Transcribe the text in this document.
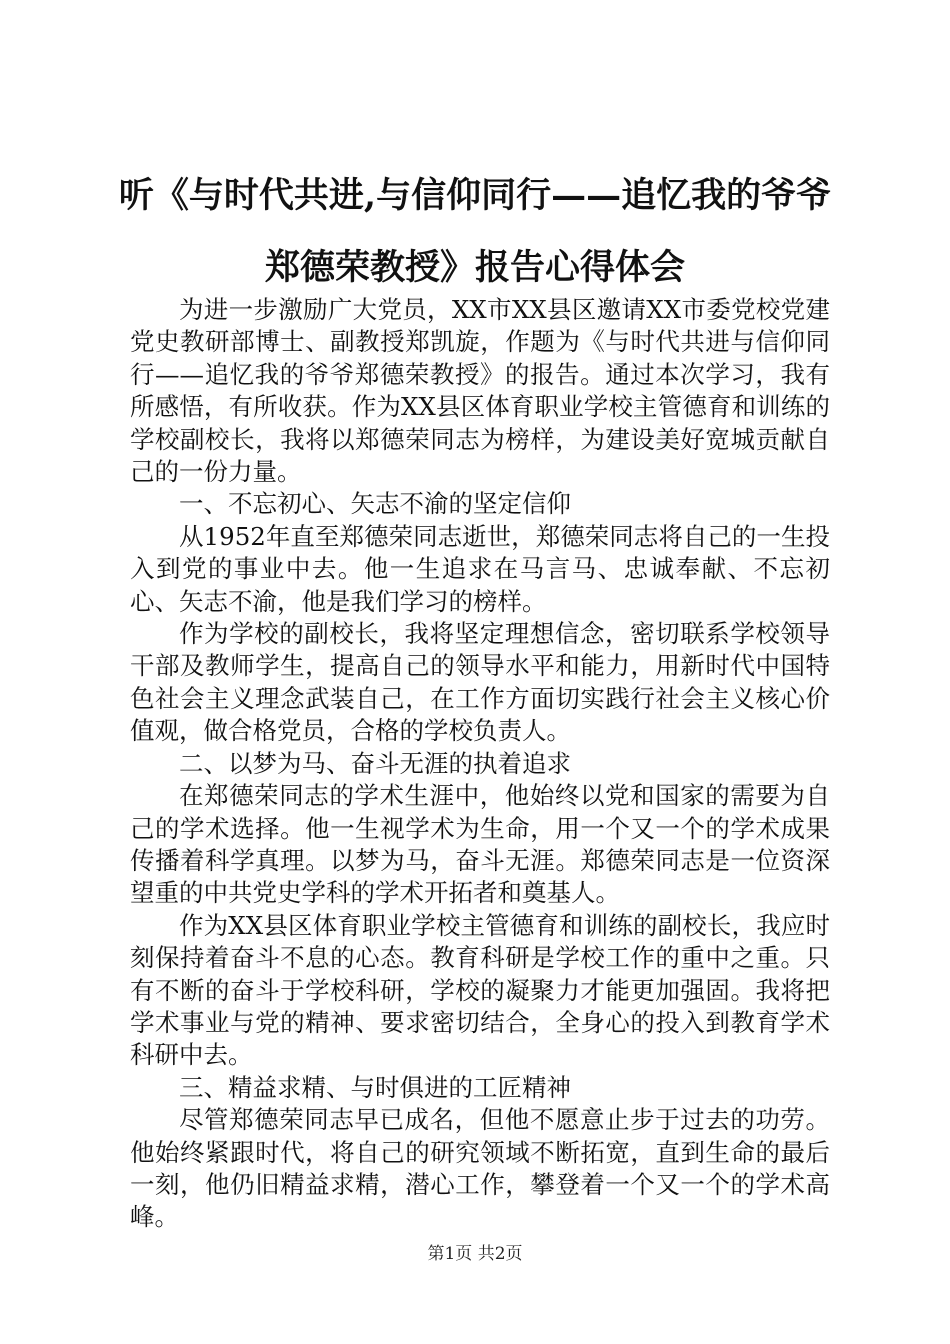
听《与时代共进,与信仰同行——追忆我的爷爷郑德荣教授》报告心得体会

为进一步激励广大党员，XX市XX县区邀请XX市委党校党建党史教研部博士、副教授郑凯旋，作题为《与时代共进与信仰同行——追忆我的爷爷郑德荣教授》的报告。通过本次学习，我有所感悟，有所收获。作为XX县区体育职业学校主管德育和训练的学校副校长，我将以郑德荣同志为榜样，为建设美好宽城贡献自己的一份力量。

一、不忘初心、矢志不渝的坚定信仰

从1952年直至郑德荣同志逝世，郑德荣同志将自己的一生投入到党的事业中去。他一生追求在马言马、忠诚奉献、不忘初心、矢志不渝，他是我们学习的榜样。

作为学校的副校长，我将坚定理想信念，密切联系学校领导干部及教师学生，提高自己的领导水平和能力，用新时代中国特色社会主义理念武装自己，在工作方面切实践行社会主义核心价值观，做合格党员，合格的学校负责人。

二、以梦为马、奋斗无涯的执着追求

在郑德荣同志的学术生涯中，他始终以党和国家的需要为自己的学术选择。他一生视学术为生命，用一个又一个的学术成果传播着科学真理。以梦为马，奋斗无涯。郑德荣同志是一位资深望重的中共党史学科的学术开拓者和奠基人。

作为XX县区体育职业学校主管德育和训练的副校长，我应时刻保持着奋斗不息的心态。教育科研是学校工作的重中之重。只有不断的奋斗于学校科研，学校的凝聚力才能更加强固。我将把学术事业与党的精神、要求密切结合，全身心的投入到教育学术科研中去。

三、精益求精、与时俱进的工匠精神

尽管郑德荣同志早已成名，但他不愿意止步于过去的功劳。他始终紧跟时代，将自己的研究领域不断拓宽，直到生命的最后一刻，他仍旧精益求精，潜心工作，攀登着一个又一个的学术高峰。

第1页 共2页
